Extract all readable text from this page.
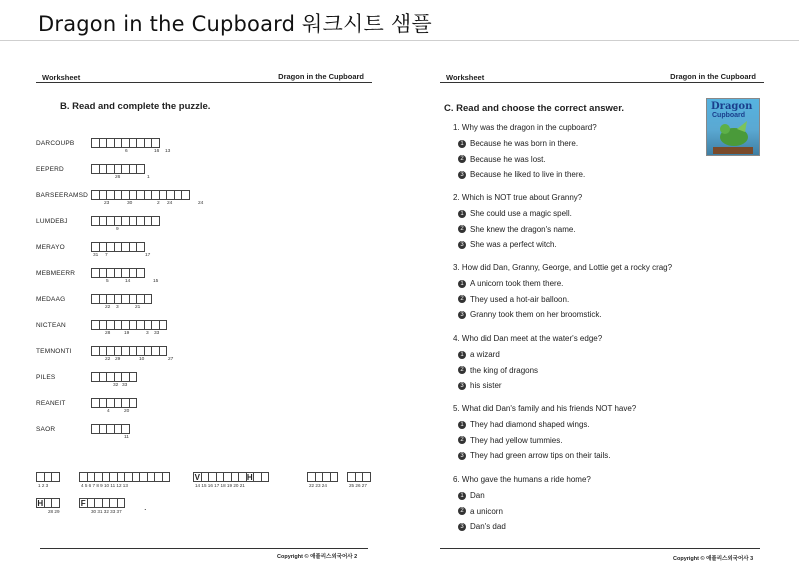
Dragon in the Cupboard 워크시트 샘플
Worksheet	Dragon in the Cupboard
B. Read and complete the puzzle.
DARCOUPB
6	16 13
EEPERD
26	1
BARSEERAMSD
23	30	2 24	24
LUMDEBJ
9
MERAYO
31 7	17
MEBMEERR
5	14	15
MEDAAG
22 3	21
NICTEAN
28	19	3 33
TEMNONTI
22 29	10	27
PILES
32 33
REANEIT
4	20
SAOR
11
V	H
H	F	.
1 2 3	4 5 6 7 8 9 10 11 12 13	14 15 16 17 18 19 20 21	22 23 24	25 26 27
28 29	30 31 32 33 37
Copyright © 애플리스외국어사 2
Worksheet	Dragon in the Cupboard
C. Read and choose the correct answer.	Dragon
Cupboard
1. Why was the dragon in the cupboard?
1 Because he was born in there.
2 Because he was lost.
3 Because he liked to live in there.
2. Which is NOT true about Granny?
1 She could use a magic spell.
2 She knew the dragon's name.
3 She was a perfect witch.
3. How did Dan, Granny, George, and Lottie get a rocky crag?
1 A unicorn took them there.
2 They used a hot-air balloon.
3 Granny took them on her broomstick.
4. Who did Dan meet at the water's edge?
1 a wizard
2 the king of dragons
3 his sister
5. What did Dan's family and his friends NOT have?
1 They had diamond shaped wings.
2 They had yellow tummies.
3 They had green arrow tips on their tails.
6. Who gave the humans a ride home?
1 Dan
2 a unicorn
3 Dan's dad
Copyright © 애플리스외국어사 3
